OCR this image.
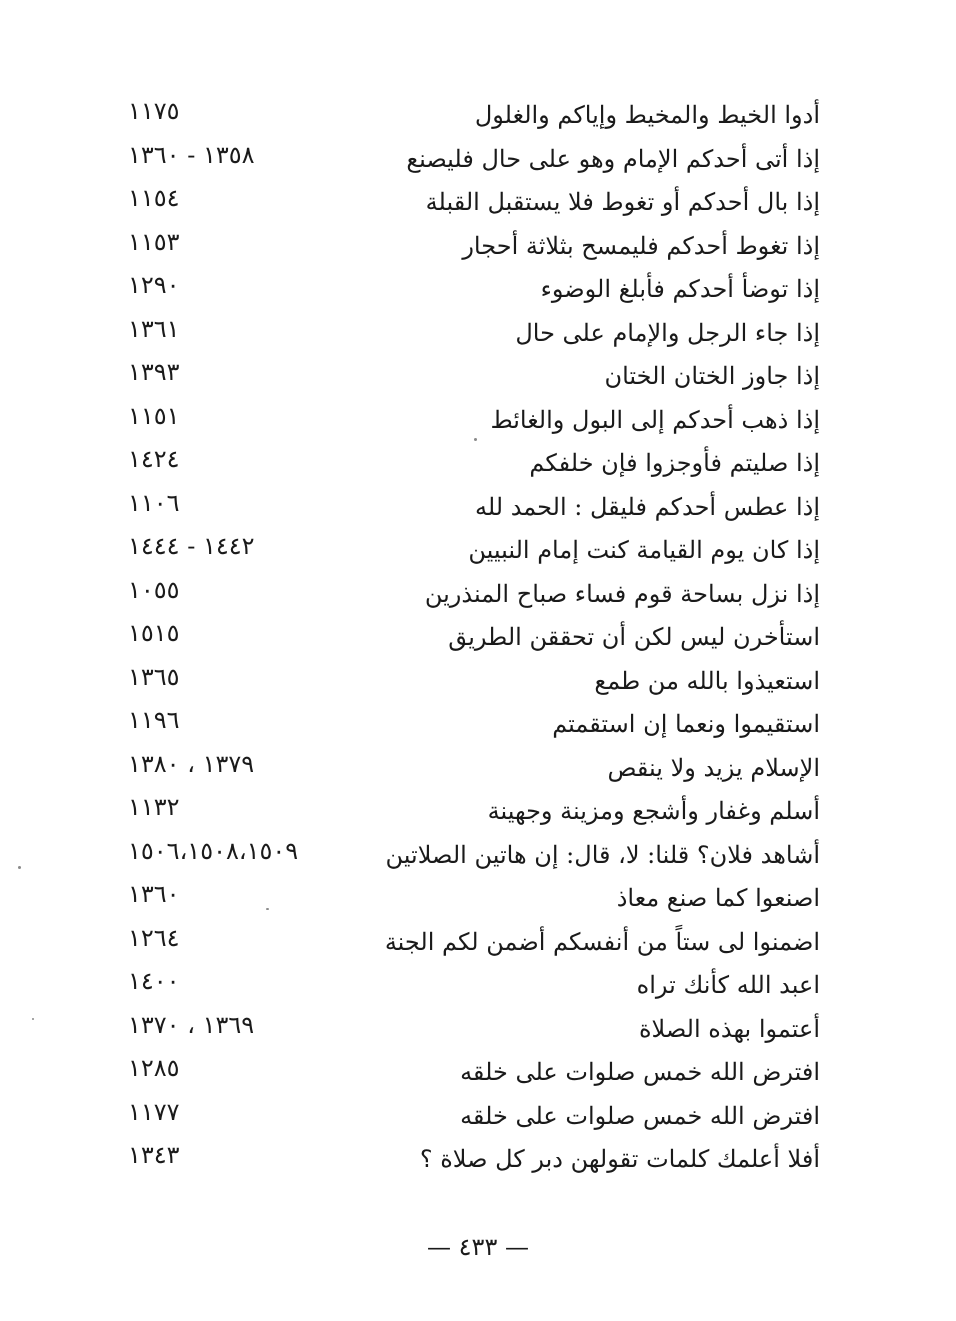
أدوا الخيط والمخيط وإياكم والغلول
١١٧٥
إذا أتى أحدكم الإمام وهو على حال فليصنع
١٣٥٨ - ١٣٦٠
إذا بال أحدكم أو تغوط فلا يستقبل القبلة
١١٥٤
إذا تغوط أحدكم فليمسح بثلاثة أحجار
١١٥٣
إذا توضأ أحدكم فأبلغ الوضوء
١٢٩٠
إذا جاء الرجل والإمام على حال
١٣٦١
إذا جاوز الختان الختان
١٣٩٣
إذا ذهب أحدكم إلى البول والغائط
١١٥١
إذا صليتم فأوجزوا فإن خلفكم
١٤٢٤
إذا عطس أحدكم فليقل : الحمد لله
١١٠٦
إذا كان يوم القيامة كنت إمام النبيين
١٤٤٢ - ١٤٤٤
إذا نزل بساحة قوم فساء صباح المنذرين
١٠٥٥
استأخرن ليس لكن أن تحققن الطريق
١٥١٥
استعيذوا بالله من طمع
١٣٦٥
استقيموا ونعما إن استقمتم
١١٩٦
الإسلام يزيد ولا ينقص
١٣٧٩ ، ١٣٨٠
أسلم وغفار وأشجع ومزينة وجهينة
١١٣٢
أشاهد فلان؟ قلنا: لا، قال: إن هاتين الصلاتين
١٥٠٦،١٥٠٨،١٥٠٩
اصنعوا كما صنع معاذ
١٣٦٠
اضمنوا لى ستاً من أنفسكم أضمن لكم الجنة
١٢٦٤
اعبد الله كأنك تراه
١٤٠٠
أعتموا بهذه الصلاة
١٣٦٩ ، ١٣٧٠
افترض الله خمس صلوات على خلقه
١٢٨٥
افترض الله خمس صلوات على خلقه
١١٧٧
أفلا أعلمك كلمات تقولهن دبر كل صلاة ؟
١٣٤٣
— ٤٣٣ —
